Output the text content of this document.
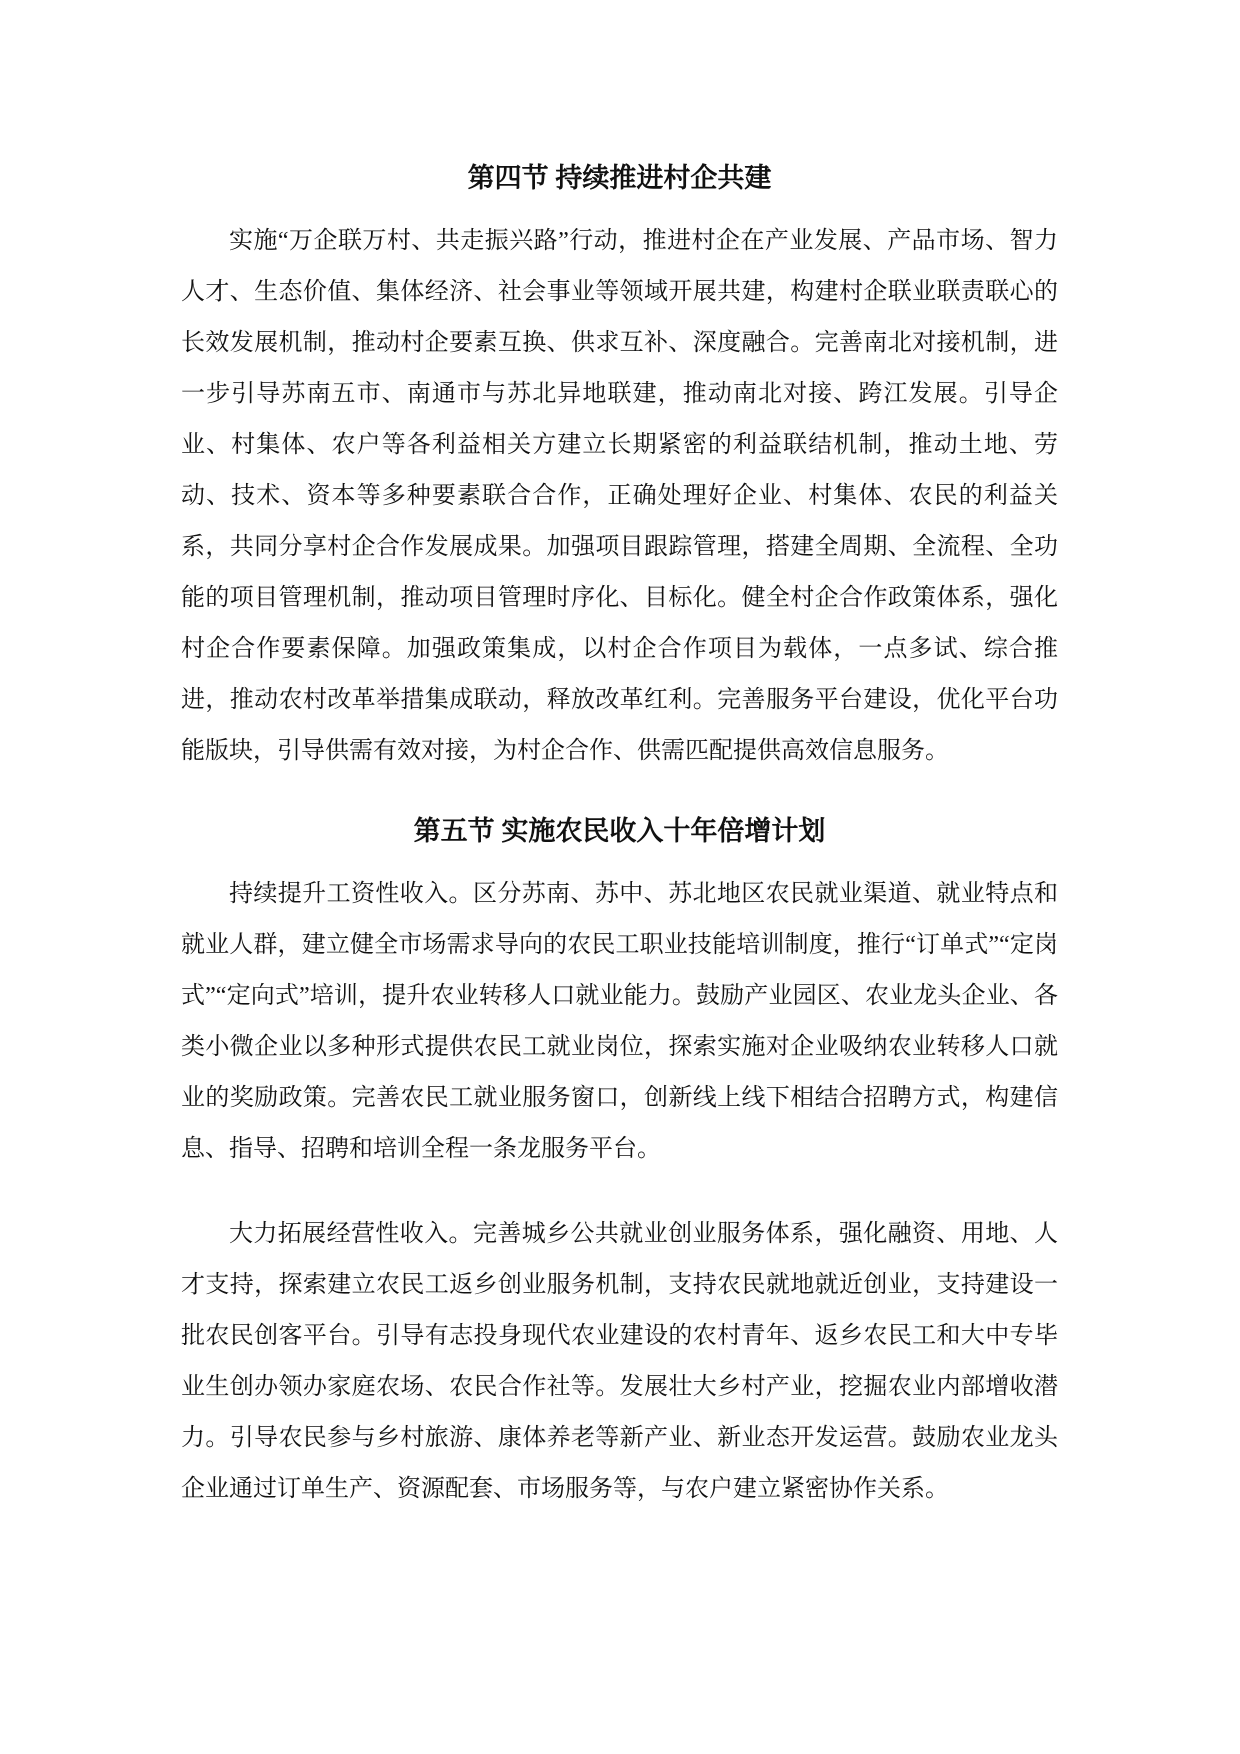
第四节 持续推进村企共建

实施“万企联万村、共走振兴路”行动，推进村企在产业发展、产品市场、智力人才、生态价值、集体经济、社会事业等领域开展共建，构建村企联业联责联心的长效发展机制，推动村企要素互换、供求互补、深度融合。完善南北对接机制，进一步引导苏南五市、南通市与苏北异地联建，推动南北对接、跨江发展。引导企业、村集体、农户等各利益相关方建立长期紧密的利益联结机制，推动土地、劳动、技术、资本等多种要素联合合作，正确处理好企业、村集体、农民的利益关系，共同分享村企合作发展成果。加强项目跟踪管理，搭建全周期、全流程、全功能的项目管理机制，推动项目管理时序化、目标化。健全村企合作政策体系，强化村企合作要素保障。加强政策集成，以村企合作项目为载体，一点多试、综合推进，推动农村改革举措集成联动，释放改革红利。完善服务平台建设，优化平台功能版块，引导供需有效对接，为村企合作、供需匹配提供高效信息服务。

第五节 实施农民收入十年倍增计划

持续提升工资性收入。区分苏南、苏中、苏北地区农民就业渠道、就业特点和就业人群，建立健全市场需求导向的农民工职业技能培训制度，推行“订单式”“定岗式”“定向式”培训，提升农业转移人口就业能力。鼓励产业园区、农业龙头企业、各类小微企业以多种形式提供农民工就业岗位，探索实施对企业吸纳农业转移人口就业的奖励政策。完善农民工就业服务窗口，创新线上线下相结合招聘方式，构建信息、指导、招聘和培训全程一条龙服务平台。

大力拓展经营性收入。完善城乡公共就业创业服务体系，强化融资、用地、人才支持，探索建立农民工返乡创业服务机制，支持农民就地就近创业，支持建设一批农民创客平台。引导有志投身现代农业建设的农村青年、返乡农民工和大中专毕业生创办领办家庭农场、农民合作社等。发展壮大乡村产业，挖掘农业内部增收潜力。引导农民参与乡村旅游、康体养老等新产业、新业态开发运营。鼓励农业龙头企业通过订单生产、资源配套、市场服务等，与农户建立紧密协作关系。
